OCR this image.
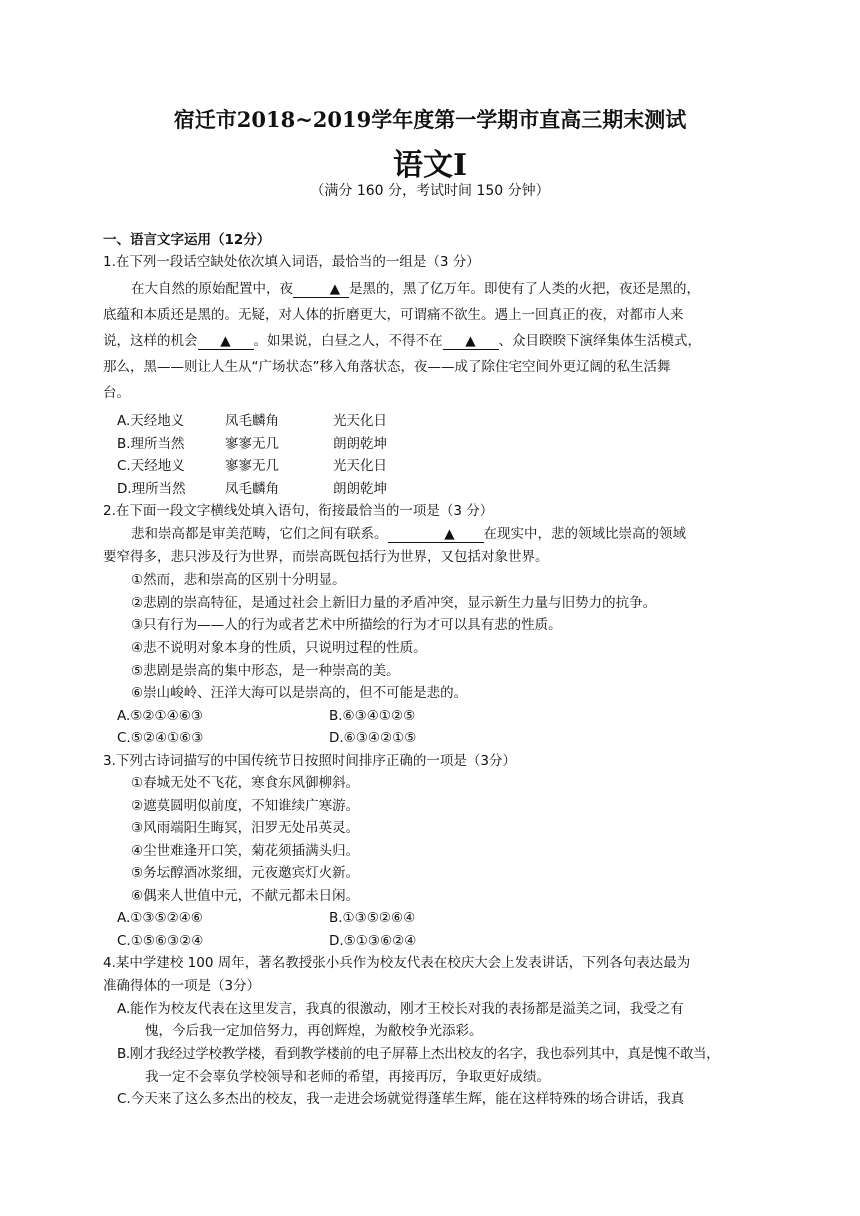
宿迁市2018~2019学年度第一学期市直高三期末测试
语文I
（满分 160 分，考试时间 150 分钟）
一、语言文字运用（12分）
1.在下列一段话空缺处依次填入词语，最恰当的一组是（3 分）
在大自然的原始配置中，夜	▲ 是黑的，黑了亿万年。即使有了人类的火把，夜还是黑的，
底蕴和本质还是黑的。无疑，对人体的折磨更大，可谓痛不欲生。遇上一回真正的夜，对都市人来
说，这样的机会 ▲ 。如果说，白昼之人，不得不在 ▲ 、众目睽睽下演绎集体生活模式，
那么，黑——则让人生从“广场状态”移入角落状态，夜——成了除住宅空间外更辽阔的私生活舞
台。
A.天经地义	凤毛麟角	光天化日
B.理所当然	寥寥无几	朗朗乾坤
C.天经地义	寥寥无几	光天化日
D.理所当然	凤毛麟角	朗朗乾坤
2.在下面一段文字横线处填入语句，衔接最恰当的一项是（3 分）
悲和崇高都是审美范畴，它们之间有联系。	▲ 在现实中，悲的领域比崇高的领域
要窄得多，悲只涉及行为世界，而崇高既包括行为世界，又包括对象世界。
①然而，悲和崇高的区别十分明显。
②悲剧的崇高特征，是通过社会上新旧力量的矛盾冲突，显示新生力量与旧势力的抗争。
③只有行为——人的行为或者艺术中所描绘的行为才可以具有悲的性质。
④悲不说明对象本身的性质，只说明过程的性质。
⑤悲剧是崇高的集中形态，是一种崇高的美。
⑥崇山峻岭、汪洋大海可以是崇高的，但不可能是悲的。
A.⑤②①④⑥③	B.⑥③④①②⑤
C.⑤②④①⑥③	D.⑥③④②①⑤
3.下列古诗词描写的中国传统节日按照时间排序正确的一项是（3分）
①春城无处不飞花，寒食东风御柳斜。
②遮莫圆明似前度，不知谁续广寒游。
③风雨端阳生晦冥，汨罗无处吊英灵。
④尘世难逢开口笑，菊花须插满头归。
⑤务坛醇酒冰浆细，元夜邀宾灯火新。
⑥偶来人世值中元，不献元都未日闲。
A.①③⑤②④⑥	B.①③⑤②⑥④
C.①⑤⑥③②④	D.⑤①③⑥②④
4.某中学建校 100 周年，著名教授张小兵作为校友代表在校庆大会上发表讲话，下列各句表达最为
准确得体的一项是（3分）
A.能作为校友代表在这里发言，我真的很激动，刚才王校长对我的表扬都是溢美之词，我受之有
愧，今后我一定加倍努力，再创辉煌，为敝校争光添彩。
B.刚才我经过学校教学楼，看到教学楼前的电子屏幕上杰出校友的名字，我也忝列其中，真是愧不敢当，
我一定不会辜负学校领导和老师的希望，再接再厉，争取更好成绩。
C.今天来了这么多杰出的校友，我一走进会场就觉得蓬荜生辉，能在这样特殊的场合讲话，我真
